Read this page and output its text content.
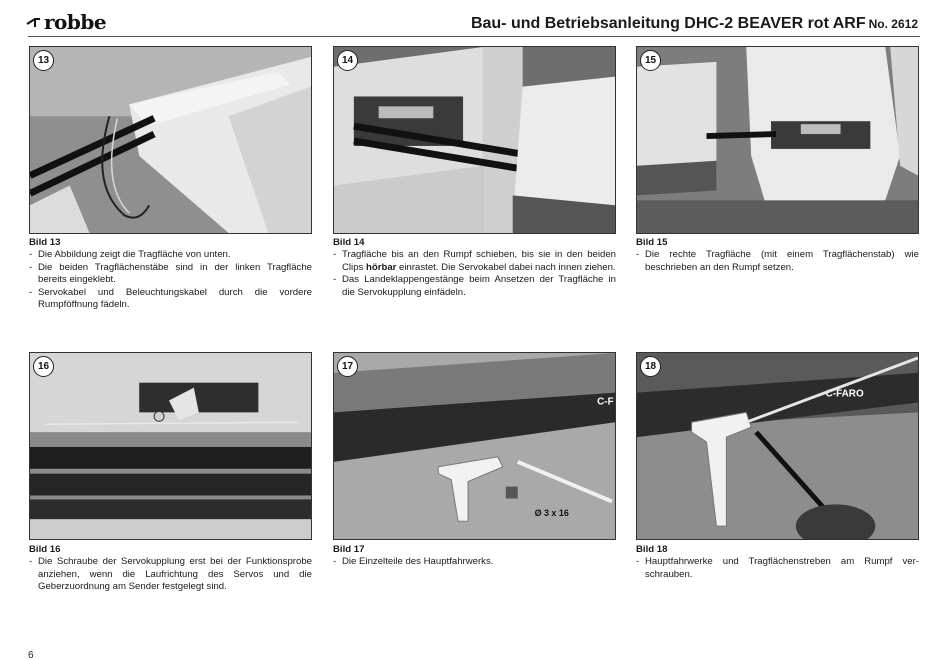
robbe	Bau- und Betriebsanleitung DHC-2 BEAVER rot ARF No. 2612
13	14	15
Bild 13
- Die Abbildung zeigt die Tragfläche von unten.
- Die beiden Tragflächenstäbe sind in der linken Tragfläche bereits eingeklebt.
- Servokabel und Beleuchtungskabel durch die vordere Rumpföffnung fädeln.
Bild 14
- Tragfläche bis an den Rumpf schieben, bis sie in den beiden Clips hörbar einrastet. Die Servokabel dabei nach innen ziehen.
- Das Landeklappengestänge beim Ansetzen der Tragfläche in die Servokupplung einfädeln.
Bild 15
- Die rechte Tragfläche (mit einem Tragflächenstab) wie beschrieben an den Rumpf setzen.
16
C-F
Ø 3 x 16
17
C-FARO
18
Bild 16
- Die Schraube der Servokupplung erst bei der Funktionsprobe anziehen, wenn die Laufrichtung des Servos und die Geberzuordnung am Sender festgelegt sind.
Bild 17
- Die Einzelteile des Hauptfahrwerks.
Bild 18
- Hauptfahrwerke und Tragflächenstreben am Rumpf ver-schrauben.
6
